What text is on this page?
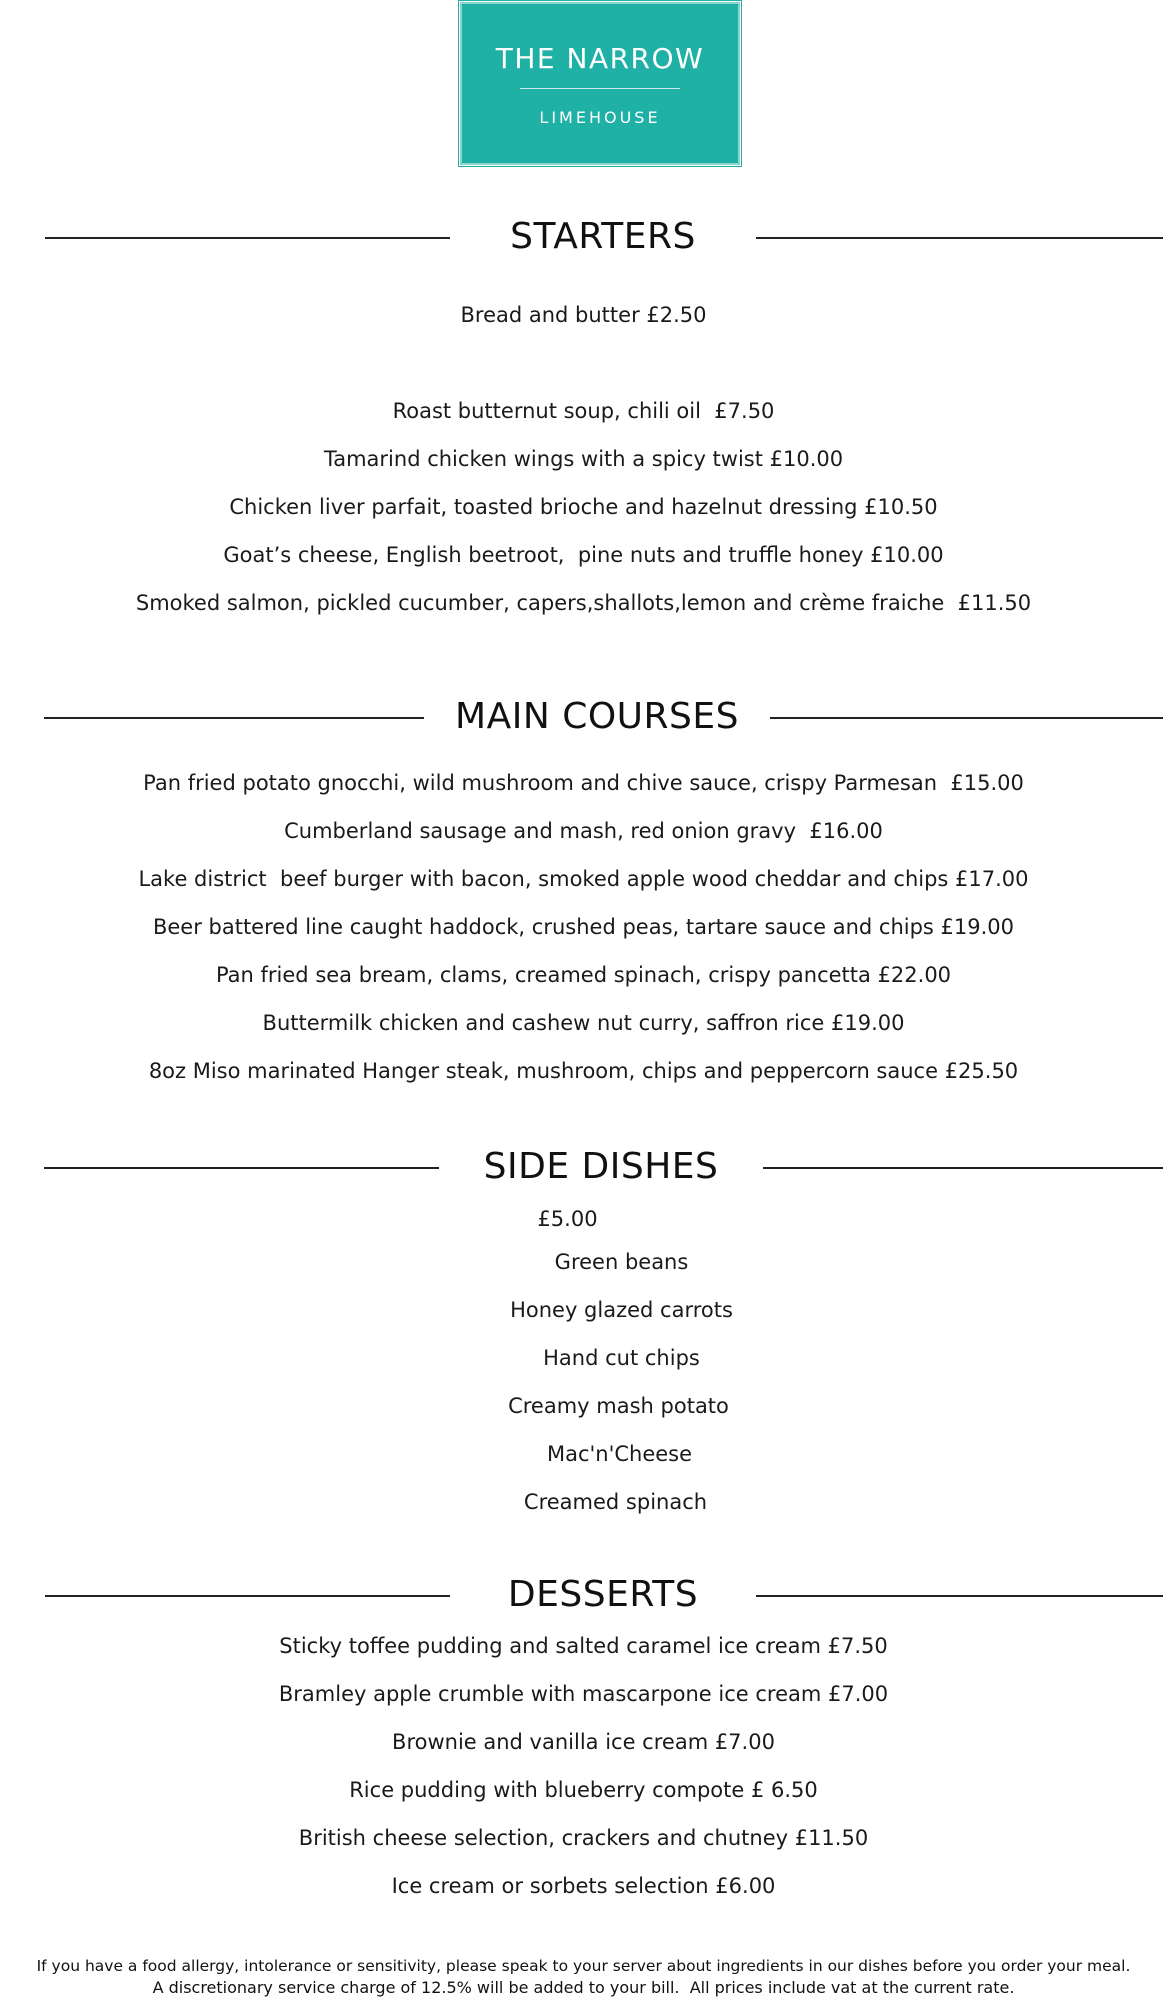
THE NARROW
LIMEHOUSE
STARTERS
Bread and butter £2.50
Roast butternut soup, chili oil  £7.50
Tamarind chicken wings with a spicy twist £10.00
Chicken liver parfait, toasted brioche and hazelnut dressing £10.50
Goat’s cheese, English beetroot,  pine nuts and truffle honey £10.00
Smoked salmon, pickled cucumber, capers,shallots,lemon and crème fraiche  £11.50
MAIN COURSES
Pan fried potato gnocchi, wild mushroom and chive sauce, crispy Parmesan  £15.00
Cumberland sausage and mash, red onion gravy  £16.00
Lake district  beef burger with bacon, smoked apple wood cheddar and chips £17.00
Beer battered line caught haddock, crushed peas, tartare sauce and chips £19.00
Pan fried sea bream, clams, creamed spinach, crispy pancetta £22.00
Buttermilk chicken and cashew nut curry, saffron rice £19.00
8oz Miso marinated Hanger steak, mushroom, chips and peppercorn sauce £25.50
SIDE DISHES
£5.00
Green beans
Honey glazed carrots
Hand cut chips
Creamy mash potato
Mac'n'Cheese
Creamed spinach
DESSERTS
Sticky toffee pudding and salted caramel ice cream £7.50
Bramley apple crumble with mascarpone ice cream £7.00
Brownie and vanilla ice cream £7.00
Rice pudding with blueberry compote £ 6.50
British cheese selection, crackers and chutney £11.50
Ice cream or sorbets selection £6.00
If you have a food allergy, intolerance or sensitivity, please speak to your server about ingredients in our dishes before you order your meal.
A discretionary service charge of 12.5% will be added to your bill.  All prices include vat at the current rate.
